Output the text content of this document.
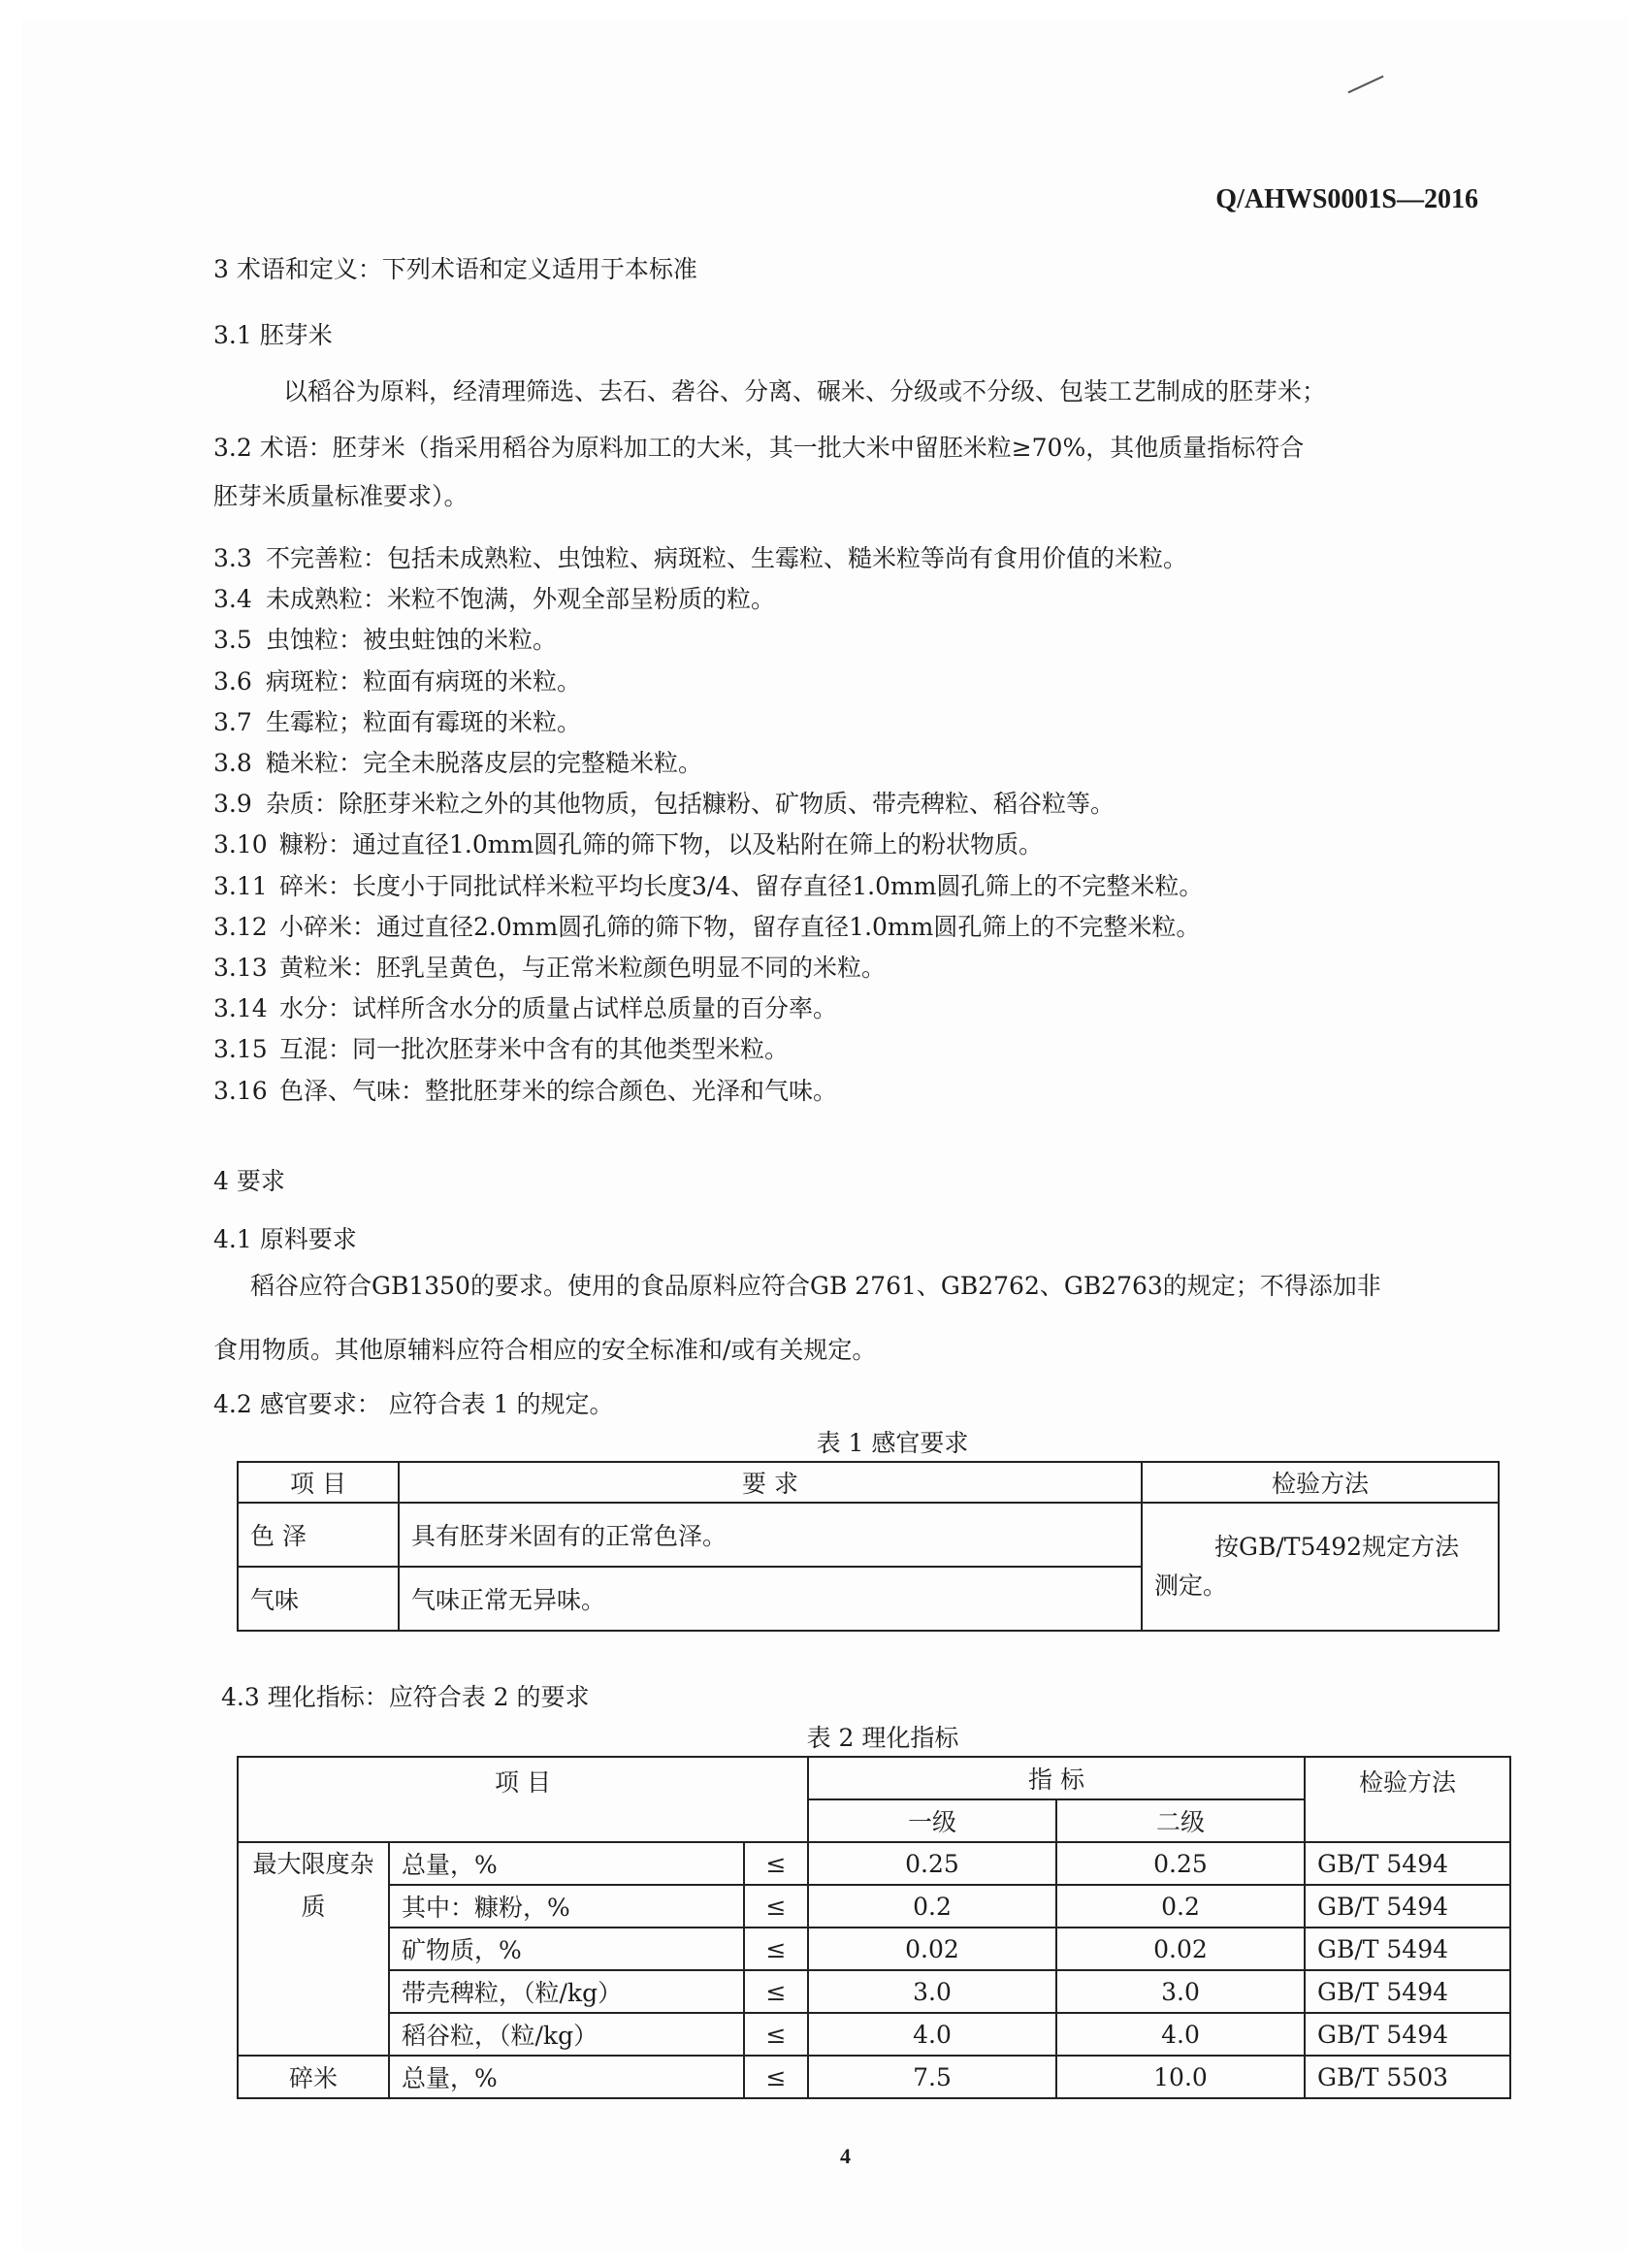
Q/AHWS0001S—2016
3 术语和定义：下列术语和定义适用于本标准
3.1 胚芽米
以稻谷为原料，经清理筛选、去石、砻谷、分离、碾米、分级或不分级、包装工艺制成的胚芽米；
3.2 术语：胚芽米（指采用稻谷为原料加工的大米，其一批大米中留胚米粒≥70%，其他质量指标符合
胚芽米质量标准要求）。
3.3 不完善粒：包括未成熟粒、虫蚀粒、病斑粒、生霉粒、糙米粒等尚有食用价值的米粒。
3.4 未成熟粒：米粒不饱满，外观全部呈粉质的粒。
3.5 虫蚀粒：被虫蛀蚀的米粒。
3.6 病斑粒：粒面有病斑的米粒。
3.7 生霉粒；粒面有霉斑的米粒。
3.8 糙米粒：完全未脱落皮层的完整糙米粒。
3.9 杂质：除胚芽米粒之外的其他物质，包括糠粉、矿物质、带壳稗粒、稻谷粒等。
3.10 糠粉：通过直径1.0mm圆孔筛的筛下物，以及粘附在筛上的粉状物质。
3.11 碎米：长度小于同批试样米粒平均长度3/4、留存直径1.0mm圆孔筛上的不完整米粒。
3.12 小碎米：通过直径2.0mm圆孔筛的筛下物，留存直径1.0mm圆孔筛上的不完整米粒。
3.13 黄粒米：胚乳呈黄色，与正常米粒颜色明显不同的米粒。
3.14 水分：试样所含水分的质量占试样总质量的百分率。
3.15 互混：同一批次胚芽米中含有的其他类型米粒。
3.16 色泽、气味：整批胚芽米的综合颜色、光泽和气味。
4 要求
4.1 原料要求
稻谷应符合GB1350的要求。使用的食品原料应符合GB 2761、GB2762、GB2763的规定；不得添加非
食用物质。其他原辅料应符合相应的安全标准和/或有关规定。
4.2 感官要求： 应符合表 1 的规定。
表 1 感官要求
项 目	要 求	检验方法
色 泽	具有胚芽米固有的正常色泽。	按GB/T5492规定方法
测定。

气味	气味正常无异味。	
4.3 理化指标：应符合表 2 的要求
表 2 理化指标
项 目			指 标		检验方法
			一级	二级	
最大限度杂质	总量，%	≤	0.25	0.25	GB/T 5494
	其中：糠粉，%	≤	0.2	0.2	GB/T 5494
	矿物质，%	≤	0.02	0.02	GB/T 5494
	带壳稗粒，（粒/kg）	≤	3.0	3.0	GB/T 5494
	稻谷粒，（粒/kg）	≤	4.0	4.0	GB/T 5494
碎米	总量，%	≤	7.5	10.0	GB/T 5503
4
